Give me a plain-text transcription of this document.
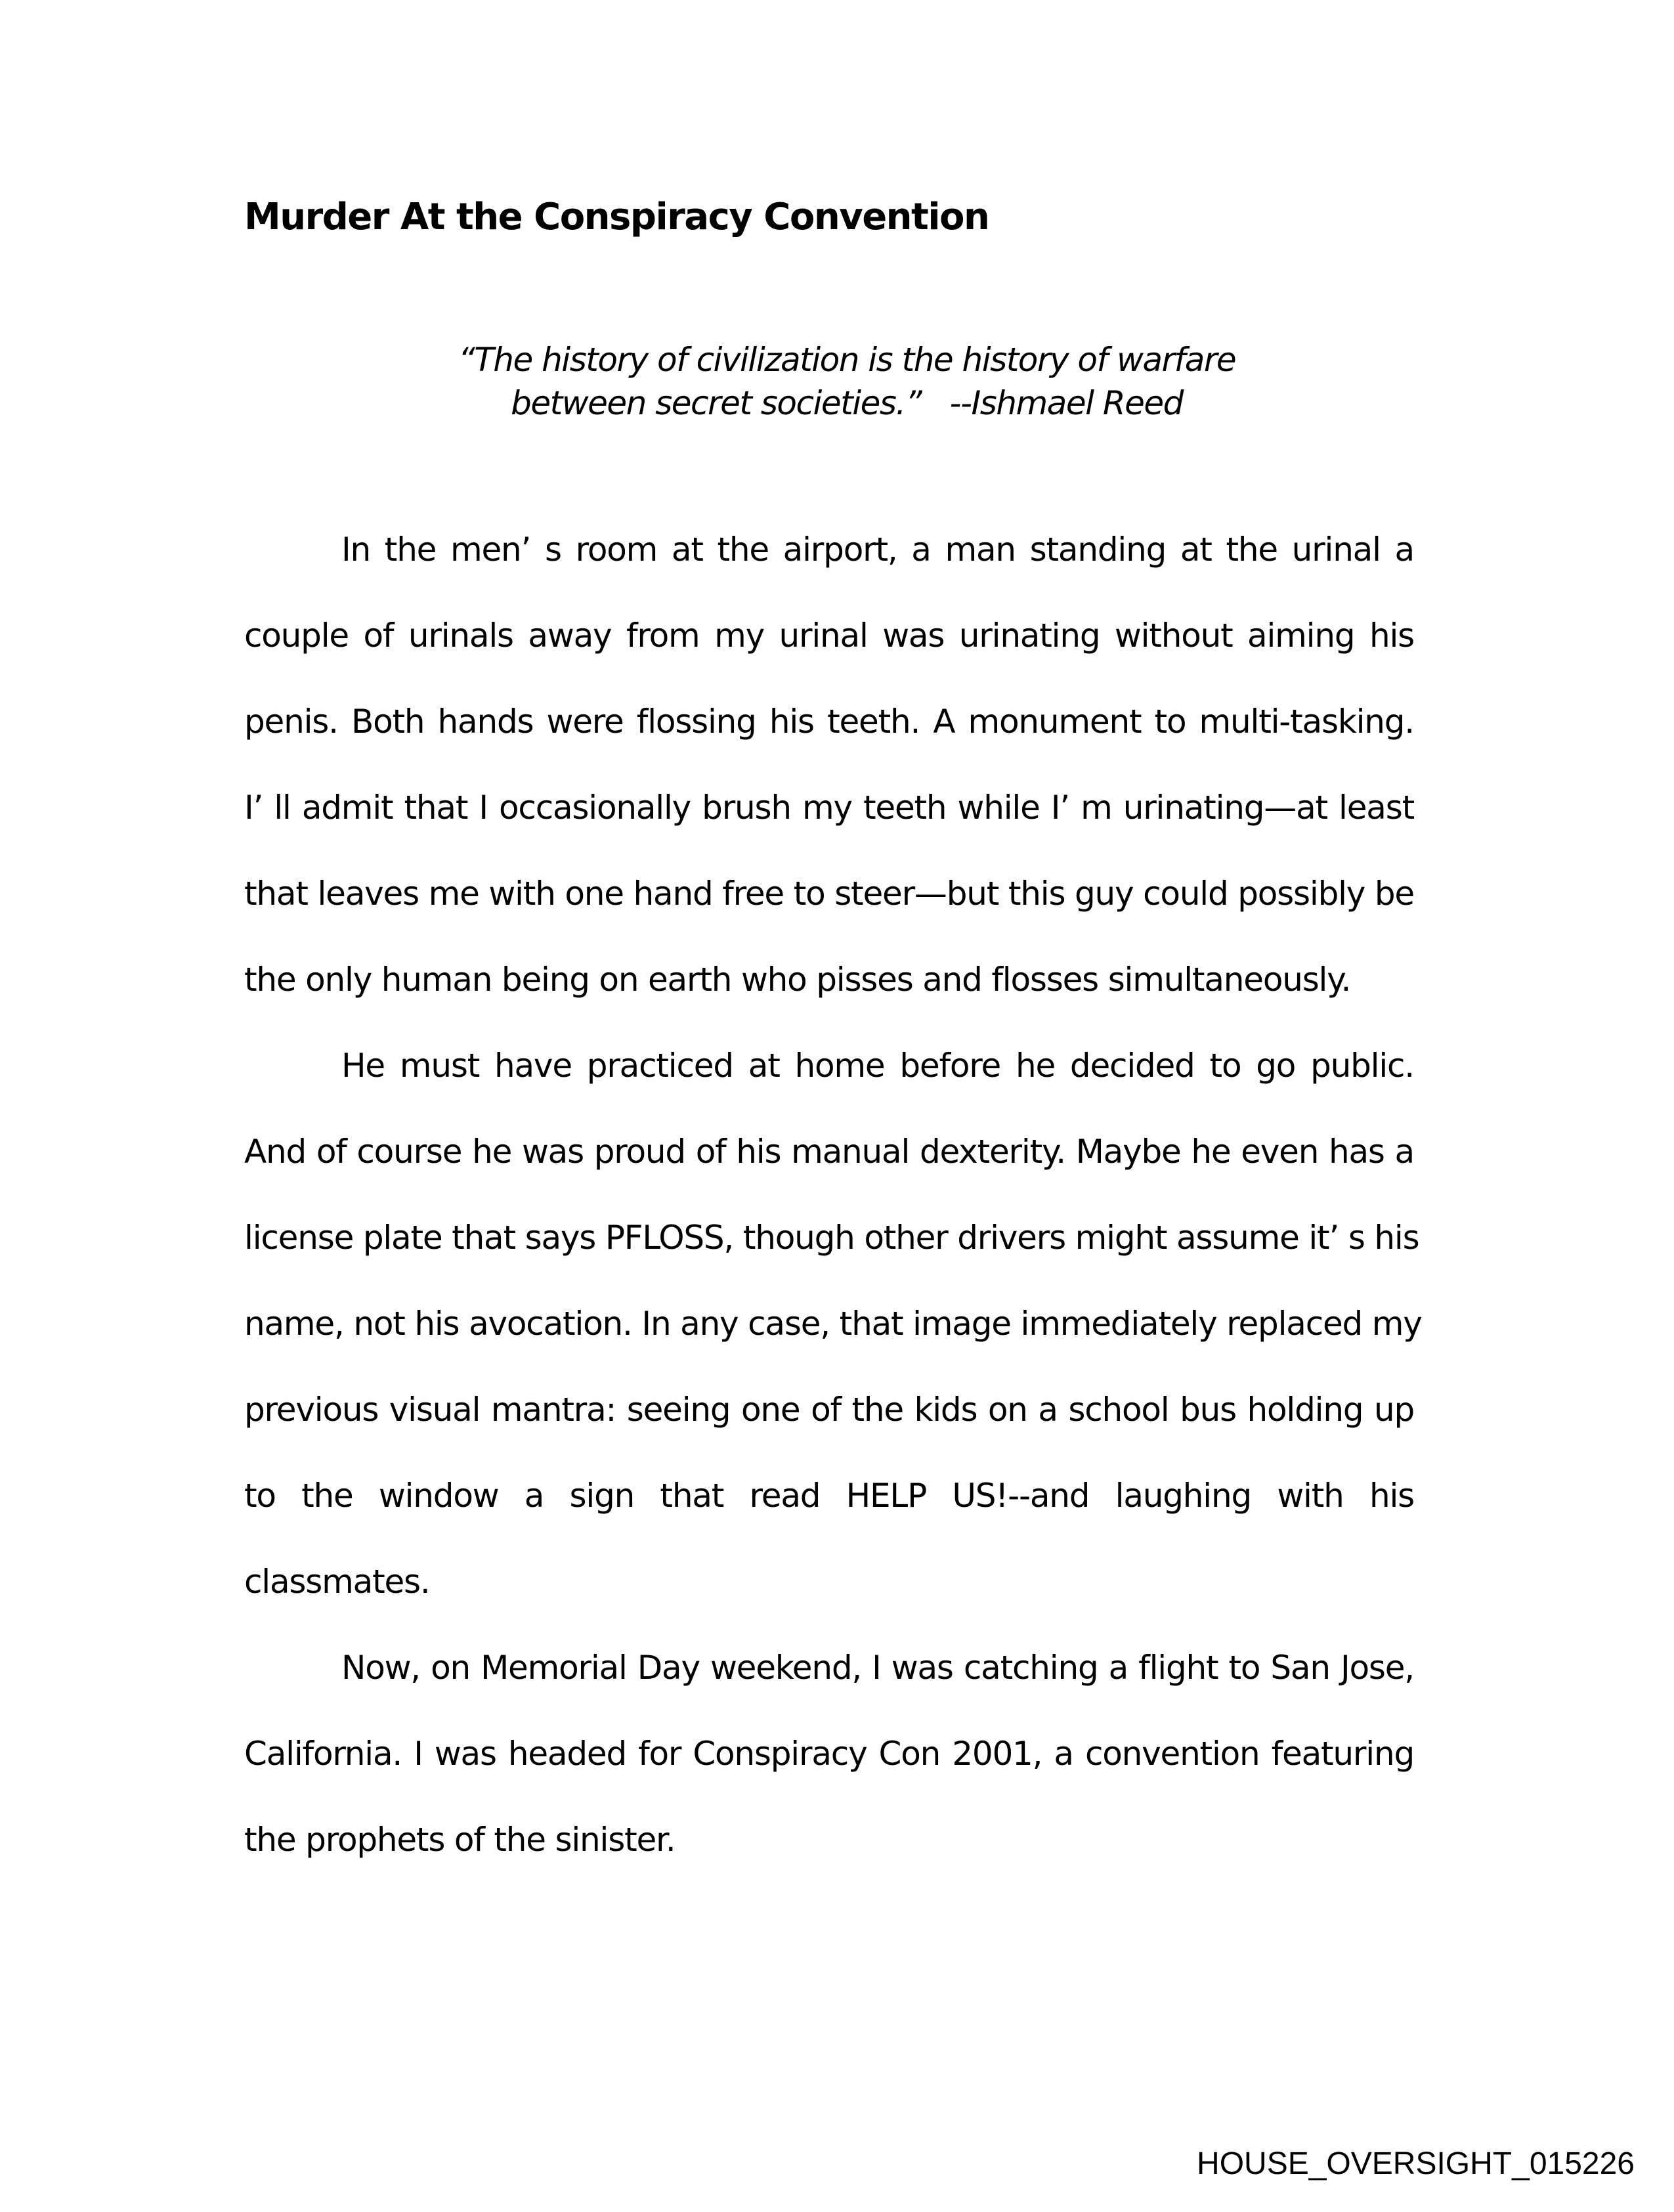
Murder At the Conspiracy Convention
“The history of civilization is the history of warfare
between secret societies.”   --Ishmael Reed
In the men’ s room at the airport, a man standing at the urinal a
couple of urinals away from my urinal was urinating without aiming his
penis. Both hands were flossing his teeth. A monument to multi-tasking.
I’ ll admit that I occasionally brush my teeth while I’ m urinating—at least
that leaves me with one hand free to steer—but this guy could possibly be
the only human being on earth who pisses and flosses simultaneously.
He must have practiced at home before he decided to go public.
And of course he was proud of his manual dexterity. Maybe he even has a
license plate that says PFLOSS, though other drivers might assume it’ s his
name, not his avocation. In any case, that image immediately replaced my
previous visual mantra: seeing one of the kids on a school bus holding up
to the window a sign that read HELP US!--and laughing with his
classmates.
Now, on Memorial Day weekend, I was catching a flight to San Jose,
California. I was headed for Conspiracy Con 2001, a convention featuring
the prophets of the sinister.
HOUSE_OVERSIGHT_015226
